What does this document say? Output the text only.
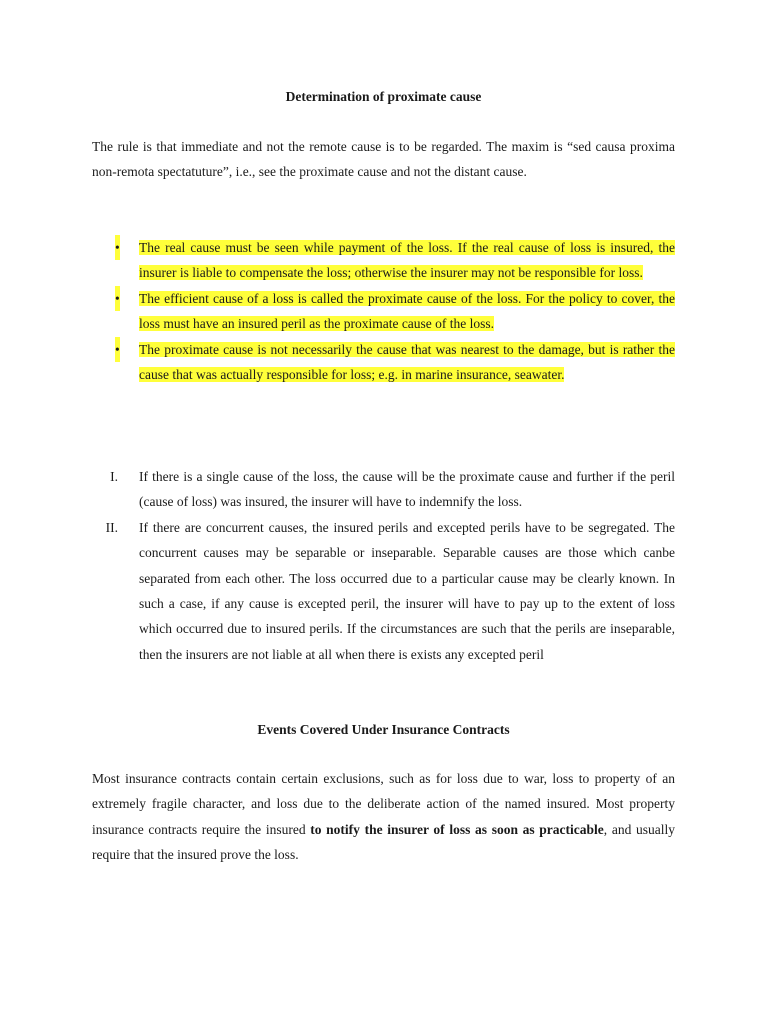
Determination of proximate cause

The rule is that immediate and not the remote cause is to be regarded. The maxim is “sed causa proxima non-remota spectatuture”, i.e., see the proximate cause and not the distant cause.

• The real cause must be seen while payment of the loss. If the real cause of loss is insured, the insurer is liable to compensate the loss; otherwise the insurer may not be responsible for loss.
• The efficient cause of a loss is called the proximate cause of the loss. For the policy to cover, the loss must have an insured peril as the proximate cause of the loss.
• The proximate cause is not necessarily the cause that was nearest to the damage, but is rather the cause that was actually responsible for loss; e.g. in marine insurance, seawater.
I. If there is a single cause of the loss, the cause will be the proximate cause and further if the peril (cause of loss) was insured, the insurer will have to indemnify the loss.
II. If there are concurrent causes, the insured perils and excepted perils have to be segregated. The concurrent causes may be separable or inseparable. Separable causes are those which canbe separated from each other. The loss occurred due to a particular cause may be clearly known. In such a case, if any cause is excepted peril, the insurer will have to pay up to the extent of loss which occurred due to insured perils. If the circumstances are such that the perils are inseparable, then the insurers are not liable at all when there is exists any excepted peril
Events Covered Under Insurance Contracts

Most insurance contracts contain certain exclusions, such as for loss due to war, loss to property of an extremely fragile character, and loss due to the deliberate action of the named insured. Most property insurance contracts require the insured to notify the insurer of loss as soon as practicable, and usually require that the insured prove the loss.
